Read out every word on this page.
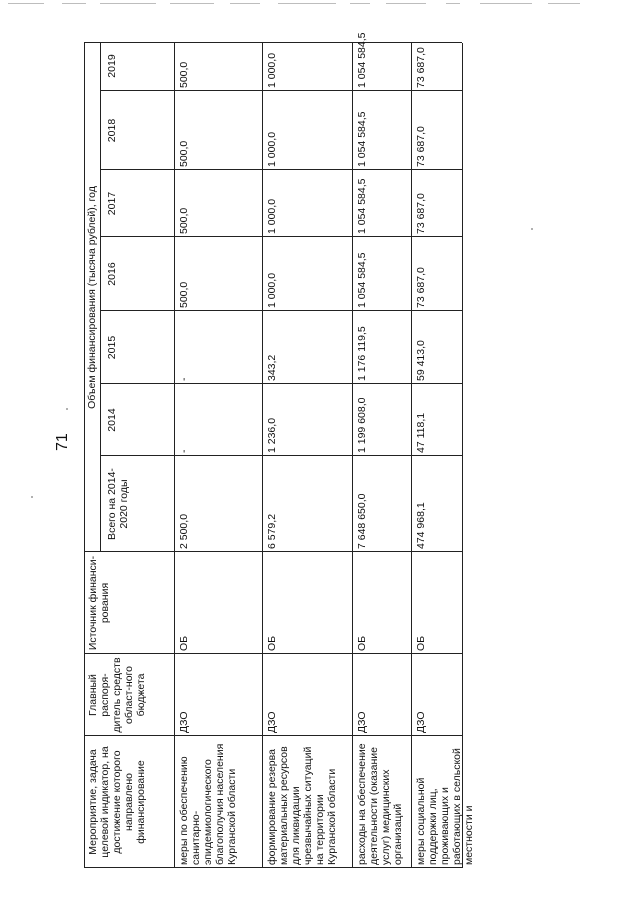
71
Мероприятие, задача целевой индикатор, на достижение которого направлено финансирование
Главный распоря-дитель средств област-ного бюджета
Источник финанси-рования
Объем финансирования (тысяча рублей), год
Всего на 2014-2020 годы
2014
2015
2016
2017
2018
2019
меры по обеспечению санитарно-эпидемиологического благополучия населения Курганской области
ДЗО
ОБ
2 500,0
-
-
500,0
500,0
500,0
500,0
формирование резерва материальных ресурсов для ликвидации чрезвычайных ситуаций на территории Курганской области
ДЗО
ОБ
6 579,2
1 236,0
343,2
1 000,0
1 000,0
1 000,0
1 000,0
расходы на обеспечение деятельности (оказание услуг) медицинских организаций
ДЗО
ОБ
7 648 650,0
1 199 608,0
1 176 119,5
1 054 584,5
1 054 584,5
1 054 584,5
1 054 584,5
меры социальной поддержки лиц, проживающих и работающих в сельской местности и
ДЗО
ОБ
474 968,1
47 118,1
59 413,0
73 687,0
73 687,0
73 687,0
73 687,0
